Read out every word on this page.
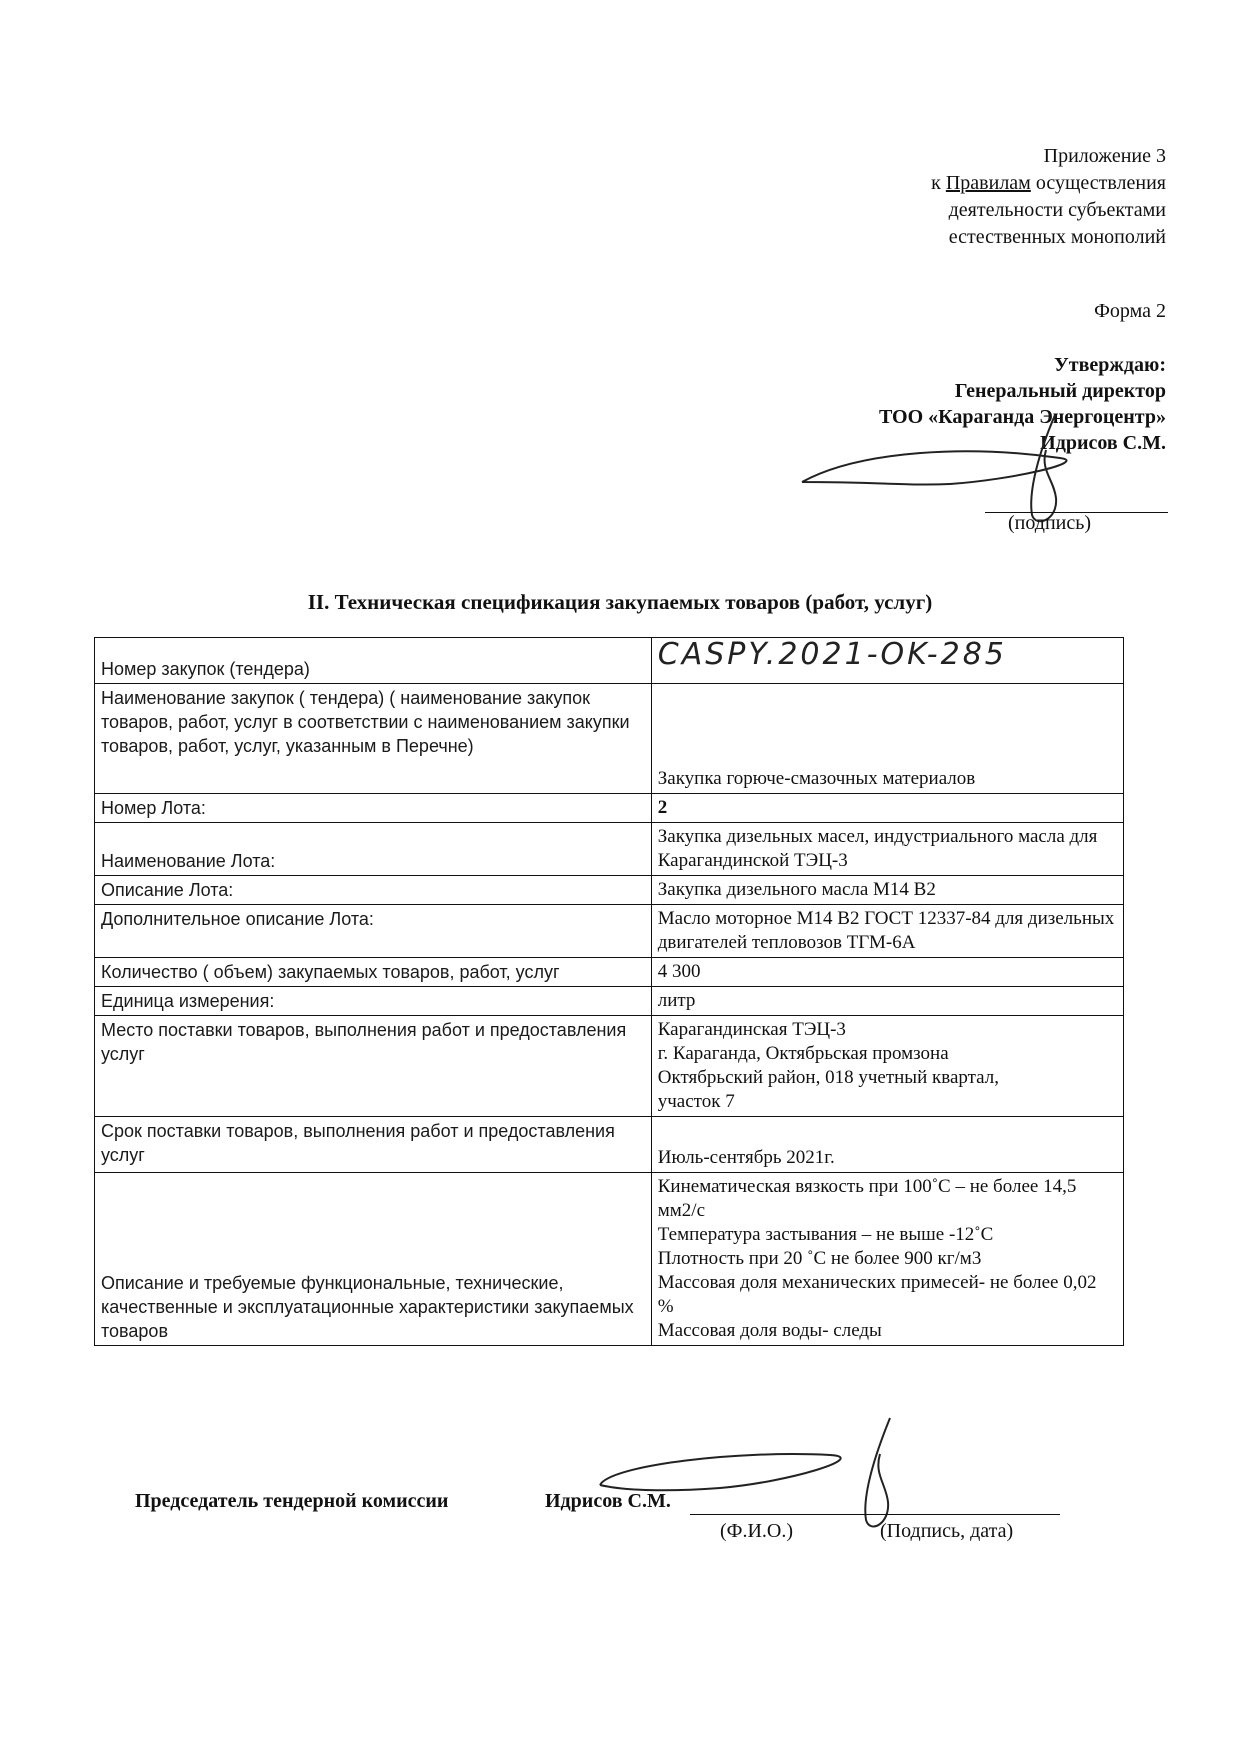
Приложение 3
к Правилам осуществления
деятельности субъектами
естественных монополий
Форма 2
Утверждаю:
Генеральный директор
ТОО «Караганда Энергоцентр»
Идрисов С.М.
(подпись)
II. Техническая спецификация закупаемых товаров (работ, услуг)
Номер закупок (тендера)	CASPY.2021-OK-285
Наименование закупок ( тендера) ( наименование закупок товаров, работ, услуг в соответствии с наименованием закупки товаров, работ, услуг, указанным в Перечне)	Закупка горюче-смазочных материалов
Номер Лота:	2
Наименование Лота:	Закупка дизельных масел, индустриального масла для Карагандинской ТЭЦ-3
Описание Лота:	Закупка дизельного масла М14 В2
Дополнительное описание Лота:	Масло моторное М14 В2 ГОСТ 12337-84 для дизельных двигателей тепловозов ТГМ-6А
Количество ( объем) закупаемых товаров, работ, услуг	4 300
Единица измерения:	литр
Место поставки товаров, выполнения работ и предоставления услуг	Карагандинская ТЭЦ-3
г. Караганда, Октябрьская промзона
Октябрьский район, 018 учетный квартал,
участок 7

Срок поставки товаров, выполнения работ и предоставления услуг	Июль-сентябрь 2021г.
Описание и требуемые функциональные, технические, качественные и эксплуатационные характеристики закупаемых товаров	Кинематическая вязкость при 100˚С – не более 14,5 мм2/с
Температура застывания – не выше -12˚С
Плотность при 20 ˚С не более 900 кг/м3
Массовая доля механических примесей- не более 0,02 %
Массовая доля воды- следы
Председатель тендерной комиссии	Идрисов С.М.
(Ф.И.О.)	(Подпись, дата)
